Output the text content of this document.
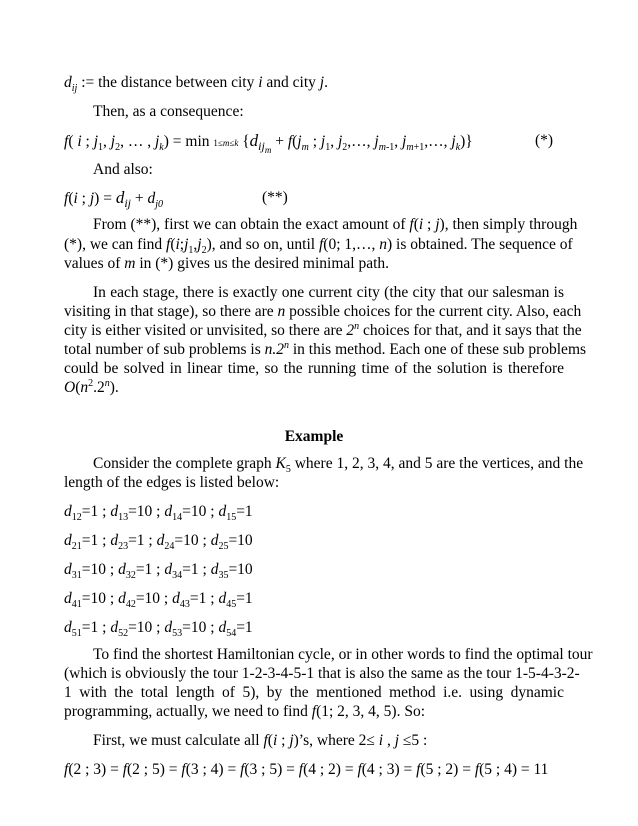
$d_{ij}$ := the distance between city i and city j.
Then, as a consequence:
f( i ; $j_1$, $j_2$, … , $j_k) = \min 1\le m\le k$ {$d_{ij_m} + f(j_m$ ; $j_1$, $j_2,\dots$, $j_{m-1}$, $j_{m+1},\dots$, $j_k$)}	(*)
And also:
f(i ; $j) = d_{ij} + d_{j0}$	(**)
From (**), first we can obtain the exact amount of f(i ; j), then simply through
(*), we can find $f(i;j_1,j_2)$, and so on, until f(0; 1,…, n) is obtained. The sequence of
values of m in (*) gives us the desired minimal path.
In each stage, there is exactly one current city (the city that our salesman is
visiting in that stage), so there are n possible choices for the current city. Also, each
city is either visited or unvisited, so there are 2$^n$ choices for that, and it says that the
total number of sub problems is n.2$^n$ in this method. Each one of these sub problems
could be solved in linear time, so the running time of the solution is therefore
$O(n^2.2^n)$.
Example
Consider the complete graph $K_5$ where 1, 2, 3, 4, and 5 are the vertices, and the
length of the edges is listed below:
$d_{12}=1$ ; $d_{13}=10$ ; $d_{14}=10$ ; $d_{15}=1$
$d_{21}=1$ ; $d_{23}=1$ ; $d_{24}=10$ ; $d_{25}=10$
$d_{31}=10$ ; $d_{32}=1$ ; $d_{34}=1$ ; $d_{35}=10$
$d_{41}=10$ ; $d_{42}=10$ ; $d_{43}=1$ ; $d_{45}=1$
$d_{51}=1$ ; $d_{52}=10$ ; $d_{53}=10$ ; $d_{54}=1$
To find the shortest Hamiltonian cycle, or in other words to find the optimal tour
(which is obviously the tour 1-2-3-4-5-1 that is also the same as the tour 1-5-4-3-2-
1 with the total length of 5), by the mentioned method i.e. using dynamic
programming, actually, we need to find f(1; 2, 3, 4, 5). So:
First, we must calculate all f(i ; j)’s, where 2≤ i , j ≤5 :
f(2 ; 3) = f(2 ; 5) = f(3 ; 4) = f(3 ; 5) = f(4 ; 2) = f(4 ; 3) = f(5 ; 2) = f(5 ; 4) = 11
